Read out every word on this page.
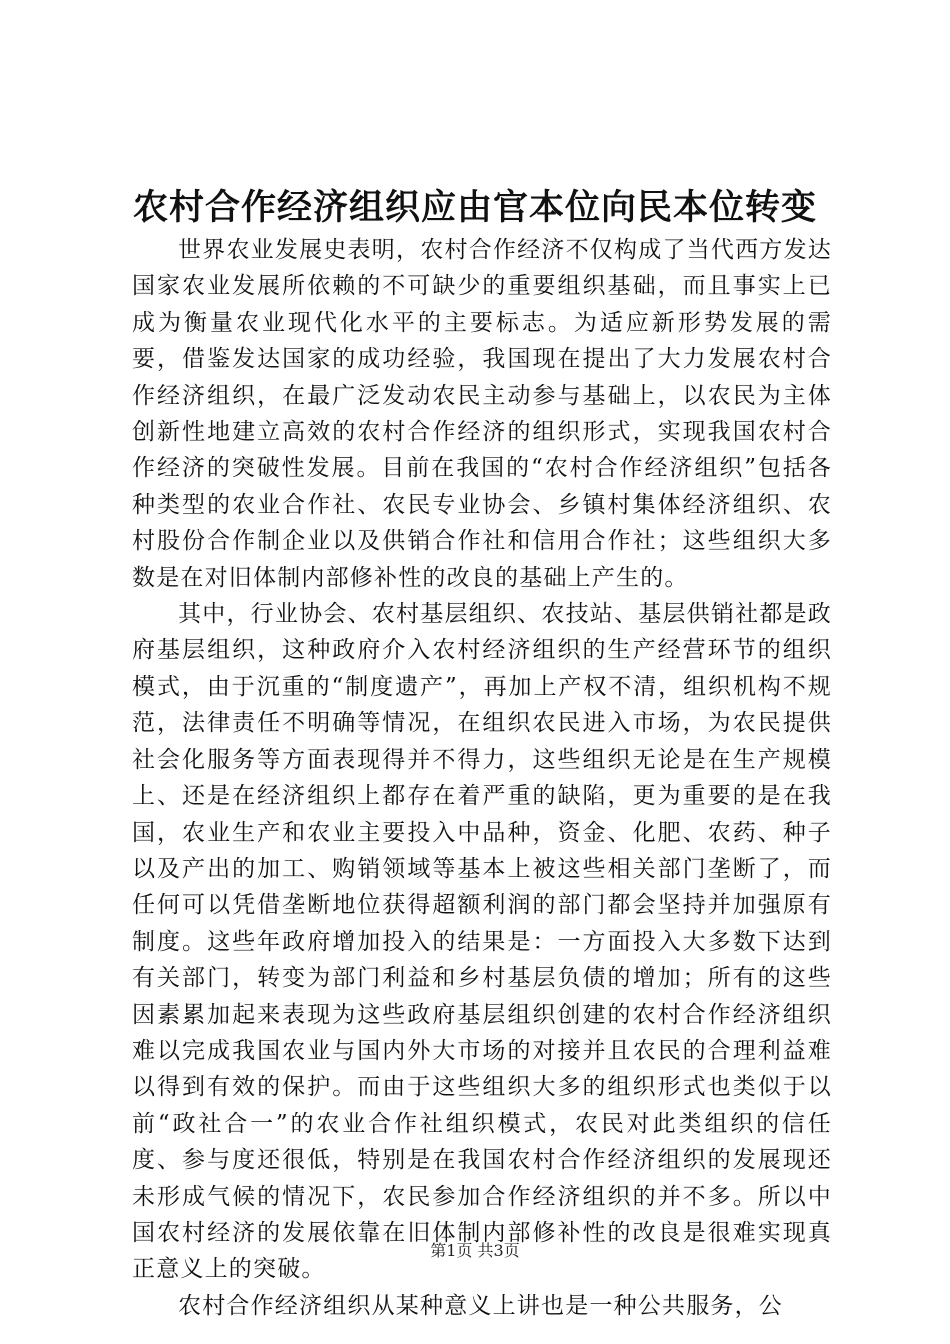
农村合作经济组织应由官本位向民本位转变

世界农业发展史表明，农村合作经济不仅构成了当代西方发达国家农业发展所依赖的不可缺少的重要组织基础，而且事实上已成为衡量农业现代化水平的主要标志。为适应新形势发展的需要，借鉴发达国家的成功经验，我国现在提出了大力发展农村合作经济组织，在最广泛发动农民主动参与基础上，以农民为主体创新性地建立高效的农村合作经济的组织形式，实现我国农村合作经济的突破性发展。目前在我国的“农村合作经济组织”包括各种类型的农业合作社、农民专业协会、乡镇村集体经济组织、农村股份合作制企业以及供销合作社和信用合作社；这些组织大多数是在对旧体制内部修补性的改良的基础上产生的。

其中，行业协会、农村基层组织、农技站、基层供销社都是政府基层组织，这种政府介入农村经济组织的生产经营环节的组织模式，由于沉重的“制度遗产”，再加上产权不清，组织机构不规范，法律责任不明确等情况，在组织农民进入市场，为农民提供社会化服务等方面表现得并不得力，这些组织无论是在生产规模上、还是在经济组织上都存在着严重的缺陷，更为重要的是在我国，农业生产和农业主要投入中品种，资金、化肥、农药、种子以及产出的加工、购销领域等基本上被这些相关部门垄断了，而任何可以凭借垄断地位获得超额利润的部门都会坚持并加强原有制度。这些年政府增加投入的结果是：一方面投入大多数下达到有关部门，转变为部门利益和乡村基层负债的增加；所有的这些因素累加起来表现为这些政府基层组织创建的农村合作经济组织难以完成我国农业与国内外大市场的对接并且农民的合理利益难以得到有效的保护。而由于这些组织大多的组织形式也类似于以前“政社合一”的农业合作社组织模式，农民对此类组织的信任度、参与度还很低，特别是在我国农村合作经济组织的发展现还未形成气候的情况下，农民参加合作经济组织的并不多。所以中国农村经济的发展依靠在旧体制内部修补性的改良是很难实现真正意义上的突破。

农村合作经济组织从某种意义上讲也是一种公共服务，公

第1页 共3页
